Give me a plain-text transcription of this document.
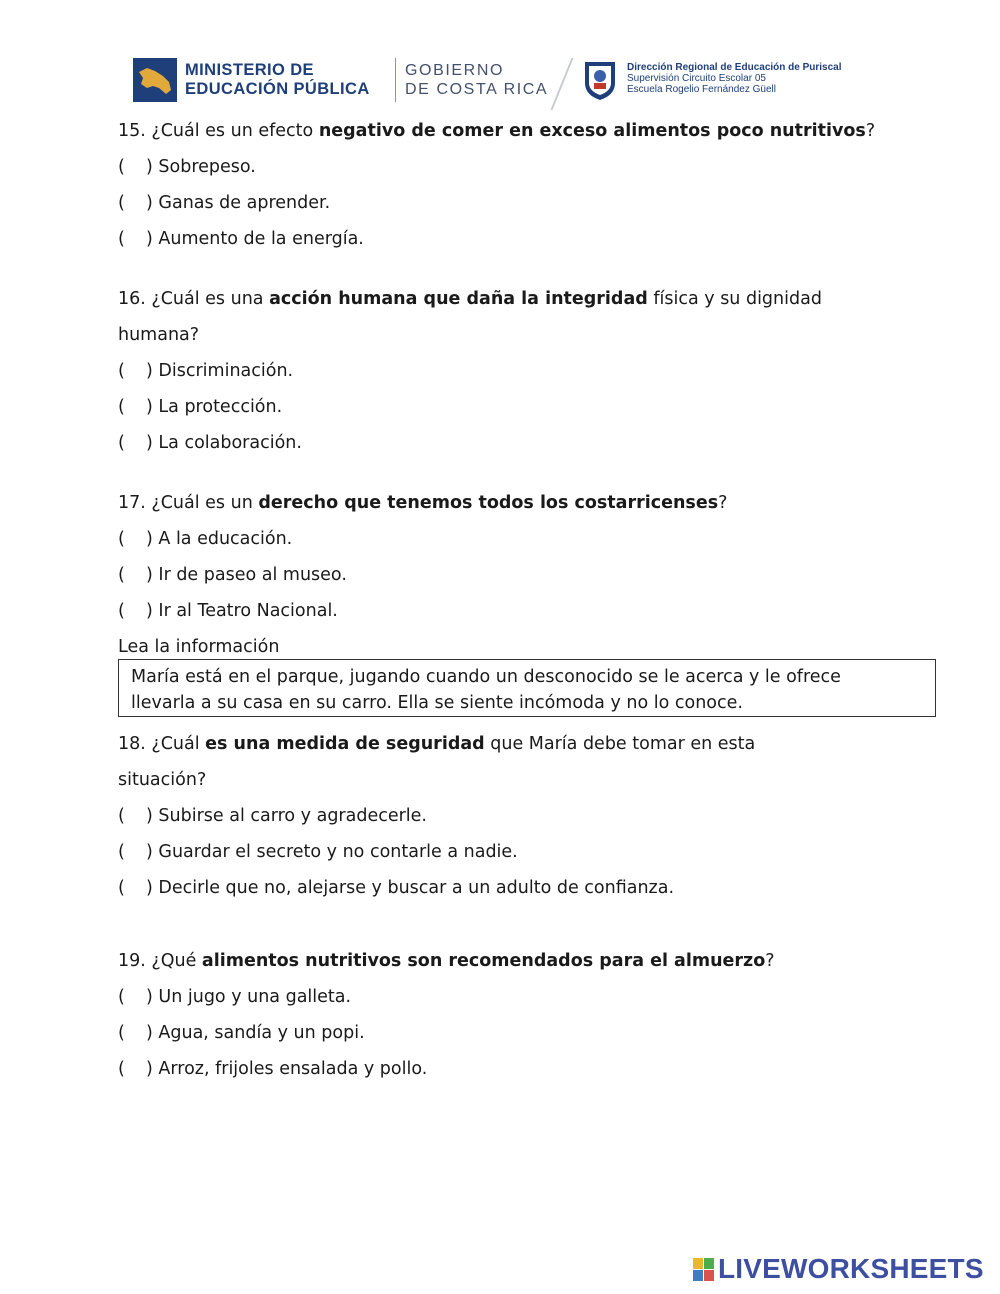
MINISTERIO DE
EDUCACIÓN PÚBLICA
GOBIERNO
DE COSTA RICA
Dirección Regional de Educación de Puriscal
Supervisión Circuito Escolar 05
Escuela Rogelio Fernández Güell
15. ¿Cuál es un efecto negativo de comer en exceso alimentos poco nutritivos?
( ) Sobrepeso.
( ) Ganas de aprender.
( ) Aumento de la energía.
16. ¿Cuál es una acción humana que daña la integridad física y su dignidad
humana?
( ) Discriminación.
( ) La protección.
( ) La colaboración.
17. ¿Cuál es un derecho que tenemos todos los costarricenses?
( ) A la educación.
( ) Ir de paseo al museo.
( ) Ir al Teatro Nacional.
Lea la información
18. ¿Cuál es una medida de seguridad que María debe tomar en esta
situación?
( ) Subirse al carro y agradecerle.
( ) Guardar el secreto y no contarle a nadie.
( ) Decirle que no, alejarse y buscar a un adulto de confianza.
19. ¿Qué alimentos nutritivos son recomendados para el almuerzo?
( ) Un jugo y una galleta.
( ) Agua, sandía y un popi.
( ) Arroz, frijoles ensalada y pollo.
María está en el parque, jugando cuando un desconocido se le acerca y le ofrece
llevarla a su casa en su carro. Ella se siente incómoda y no lo conoce.
LIVEWORKSHEETS
